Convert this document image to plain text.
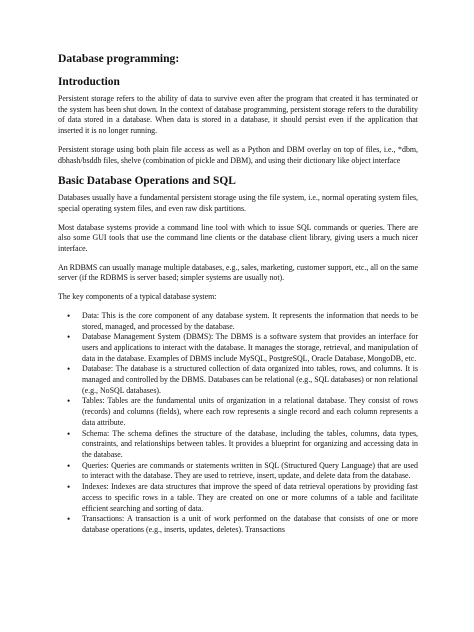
Database programming:
Introduction

Persistent storage refers to the ability of data to survive even after the program that created it has terminated or the system has been shut down. In the context of database programming, persistent storage refers to the durability of data stored in a database. When data is stored in a database, it should persist even if the application that inserted it is no longer running.

Persistent storage using both plain file access as well as a Python and DBM overlay on top of files, i.e., *dbm, dbhash/bsddb files, shelve (combination of pickle and DBM), and using their dictionary like object interface

Basic Database Operations and SQL

Databases usually have a fundamental persistent storage using the file system, i.e., normal operating system files, special operating system files, and even raw disk partitions.

Most database systems provide a command line tool with which to issue SQL commands or queries. There are also some GUI tools that use the command line clients or the database client library, giving users a much nicer interface.

An RDBMS can usually manage multiple databases, e.g., sales, marketing, customer support, etc., all on the same server (if the RDBMS is server based; simpler systems are usually not).

The key components of a typical database system:

• Data: This is the core component of any database system. It represents the information that needs to be stored, managed, and processed by the database.
• Database Management System (DBMS): The DBMS is a software system that provides an interface for users and applications to interact with the database. It manages the storage, retrieval, and manipulation of data in the database. Examples of DBMS include MySQL, PostgreSQL, Oracle Database, MongoDB, etc.
• Database: The database is a structured collection of data organized into tables, rows, and columns. It is managed and controlled by the DBMS. Databases can be relational (e.g., SQL databases) or non relational (e.g., NoSQL databases).
• Tables: Tables are the fundamental units of organization in a relational database. They consist of rows (records) and columns (fields), where each row represents a single record and each column represents a data attribute.
• Schema: The schema defines the structure of the database, including the tables, columns, data types, constraints, and relationships between tables. It provides a blueprint for organizing and accessing data in the database.
• Queries: Queries are commands or statements written in SQL (Structured Query Language) that are used to interact with the database. They are used to retrieve, insert, update, and delete data from the database.
• Indexes: Indexes are data structures that improve the speed of data retrieval operations by providing fast access to specific rows in a table. They are created on one or more columns of a table and facilitate efficient searching and sorting of data.
• Transactions: A transaction is a unit of work performed on the database that consists of one or more database operations (e.g., inserts, updates, deletes). Transactions
